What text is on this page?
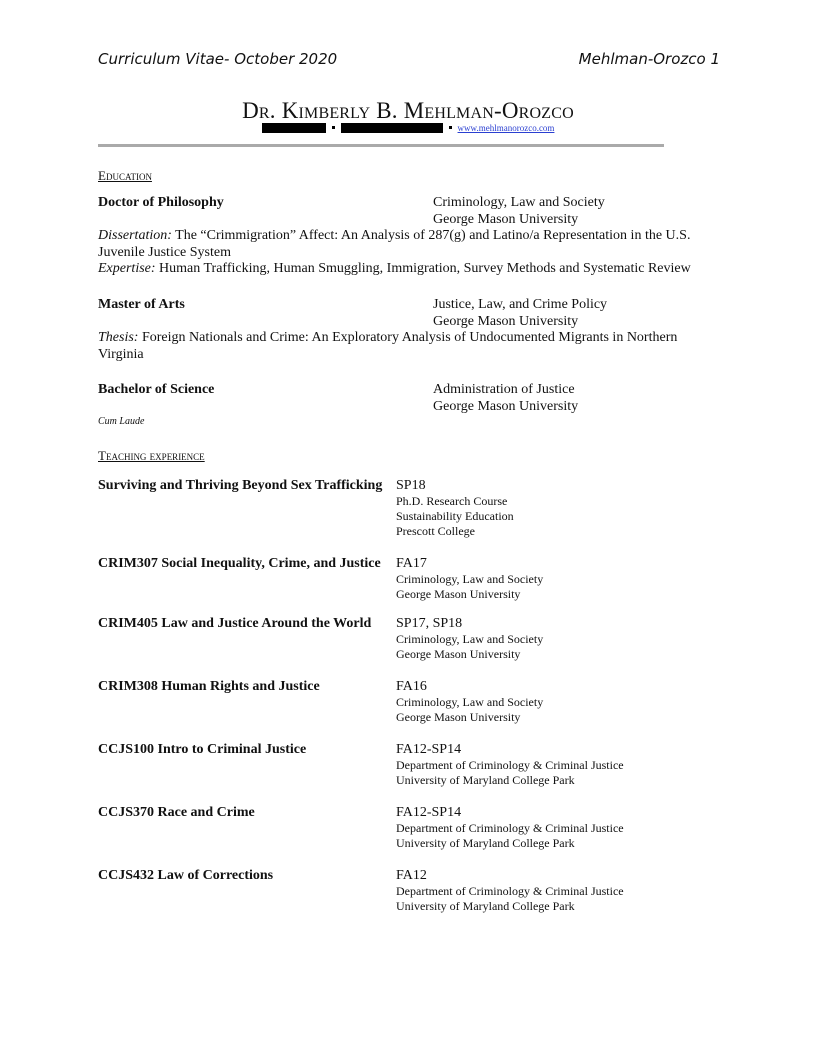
Curriculum Vitae- October 2020	Mehlman-Orozco 1
Dr. Kimberly B. Mehlman-Orozco
www.mehlmanorozco.com
Education
Doctor of Philosophy	Criminology, Law and Society
George Mason University
Dissertation: The “Crimmigration” Affect: An Analysis of 287(g) and Latino/a Representation in the U.S. Juvenile Justice System
Expertise: Human Trafficking, Human Smuggling, Immigration, Survey Methods and Systematic Review
Master of Arts	Justice, Law, and Crime Policy
George Mason University
Thesis: Foreign Nationals and Crime: An Exploratory Analysis of Undocumented Migrants in Northern Virginia
Bachelor of Science	Administration of Justice
George Mason University
Cum Laude
Teaching experience
Surviving and Thriving Beyond Sex Trafficking SP18
Ph.D. Research Course
Sustainability Education
Prescott College
CRIM307 Social Inequality, Crime, and Justice FA17
Criminology, Law and Society
George Mason University
CRIM405 Law and Justice Around the World SP17, SP18
Criminology, Law and Society
George Mason University
CRIM308 Human Rights and Justice	FA16
Criminology, Law and Society
George Mason University
CCJS100 Intro to Criminal Justice	FA12-SP14
Department of Criminology & Criminal Justice
University of Maryland College Park
CCJS370 Race and Crime	FA12-SP14
Department of Criminology & Criminal Justice
University of Maryland College Park
CCJS432 Law of Corrections	FA12
Department of Criminology & Criminal Justice
University of Maryland College Park
